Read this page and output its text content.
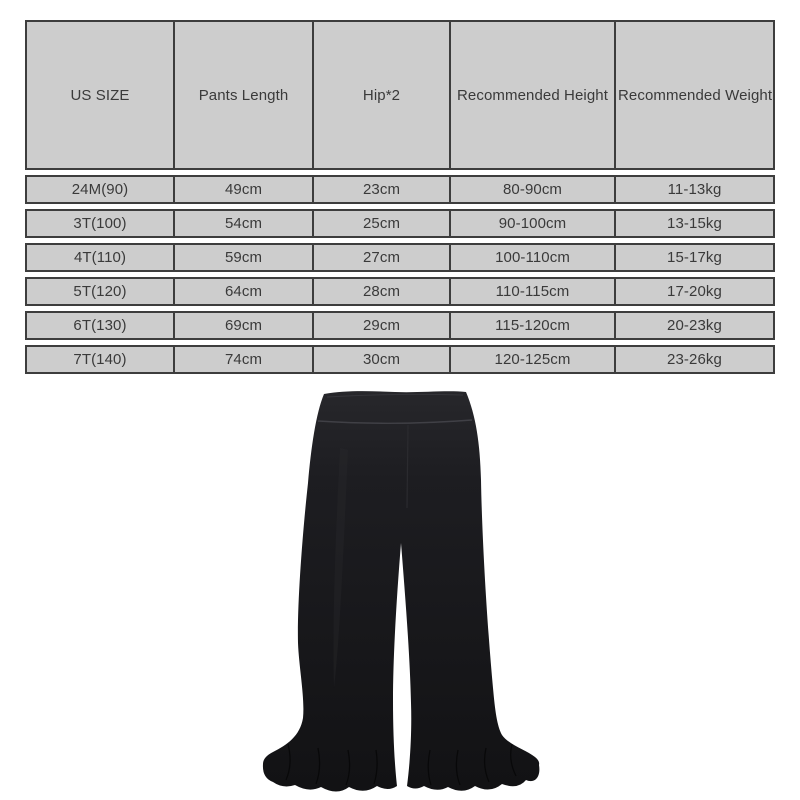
US SIZE	Pants Length	Hip*2	Recommended Height	Recommended Weight
24M(90)	49cm	23cm	80-90cm	11-13kg
3T(100)	54cm	25cm	90-100cm	13-15kg
4T(110)	59cm	27cm	100-110cm	15-17kg
5T(120)	64cm	28cm	110-115cm	17-20kg
6T(130)	69cm	29cm	115-120cm	20-23kg
7T(140)	74cm	30cm	120-125cm	23-26kg
